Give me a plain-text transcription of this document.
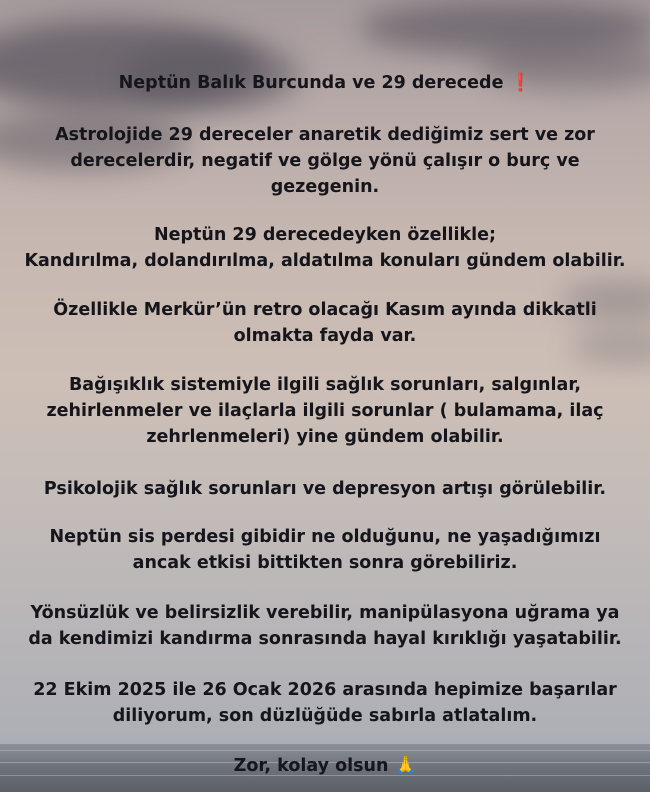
Neptün Balık Burcunda ve 29 derecede ❗

Astrolojide 29 dereceler anaretik dediğimiz sert ve zor
derecelerdir, negatif ve gölge yönü çalışır o burç ve
gezegenin.

Neptün 29 derecedeyken özellikle;
Kandırılma, dolandırılma, aldatılma konuları gündem olabilir.

Özellikle Merkür’ün retro olacağı Kasım ayında dikkatli
olmakta fayda var.

Bağışıklık sistemiyle ilgili sağlık sorunları, salgınlar,
zehirlenmeler ve ilaçlarla ilgili sorunlar ( bulamama, ilaç
zehrlenmeleri) yine gündem olabilir.

Psikolojik sağlık sorunları ve depresyon artışı görülebilir.

Neptün sis perdesi gibidir ne olduğunu, ne yaşadığımızı
ancak etkisi bittikten sonra görebiliriz.

Yönsüzlük ve belirsizlik verebilir, manipülasyona uğrama ya
da kendimizi kandırma sonrasında hayal kırıklığı yaşatabilir.

22 Ekim 2025 ile 26 Ocak 2026 arasında hepimize başarılar
diliyorum, son düzlüğüde sabırla atlatalım.

Zor, kolay olsun 🙏
